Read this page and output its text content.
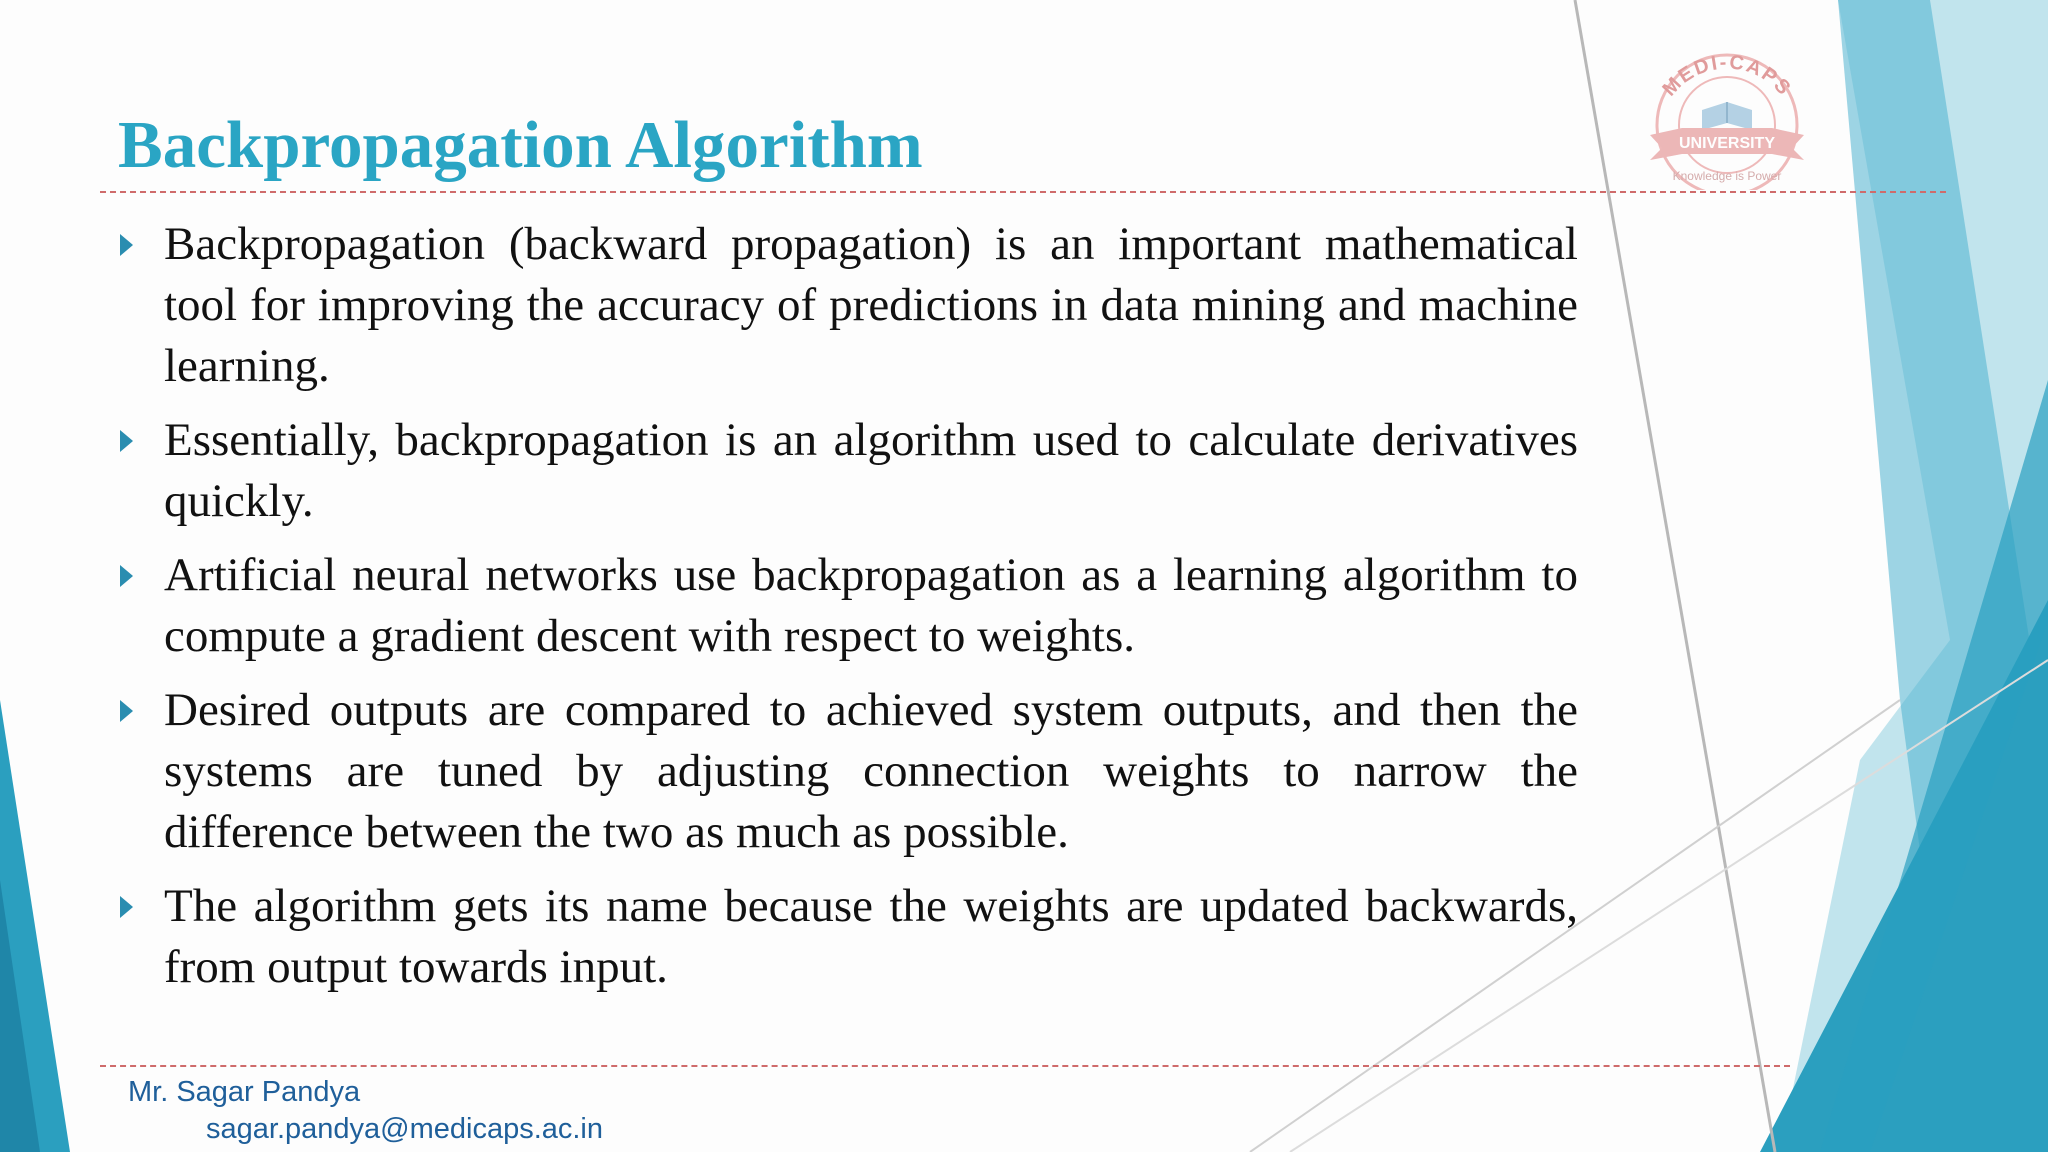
Backpropagation Algorithm
Backpropagation (backward propagation) is an important mathematical tool for improving the accuracy of predictions in data mining and machine learning.
Essentially, backpropagation is an algorithm used to calculate derivatives quickly.
Artificial neural networks use backpropagation as a learning algorithm to compute a gradient descent with respect to weights.
Desired outputs are compared to achieved system outputs, and then the systems are tuned by adjusting connection weights to narrow the difference between the two as much as possible.
The algorithm gets its name because the weights are updated backwards, from output towards input.
Mr. Sagar Pandya
sagar.pandya@medicaps.ac.in
MEDI-CAPS
UNIVERSITY
Knowledge is Power
